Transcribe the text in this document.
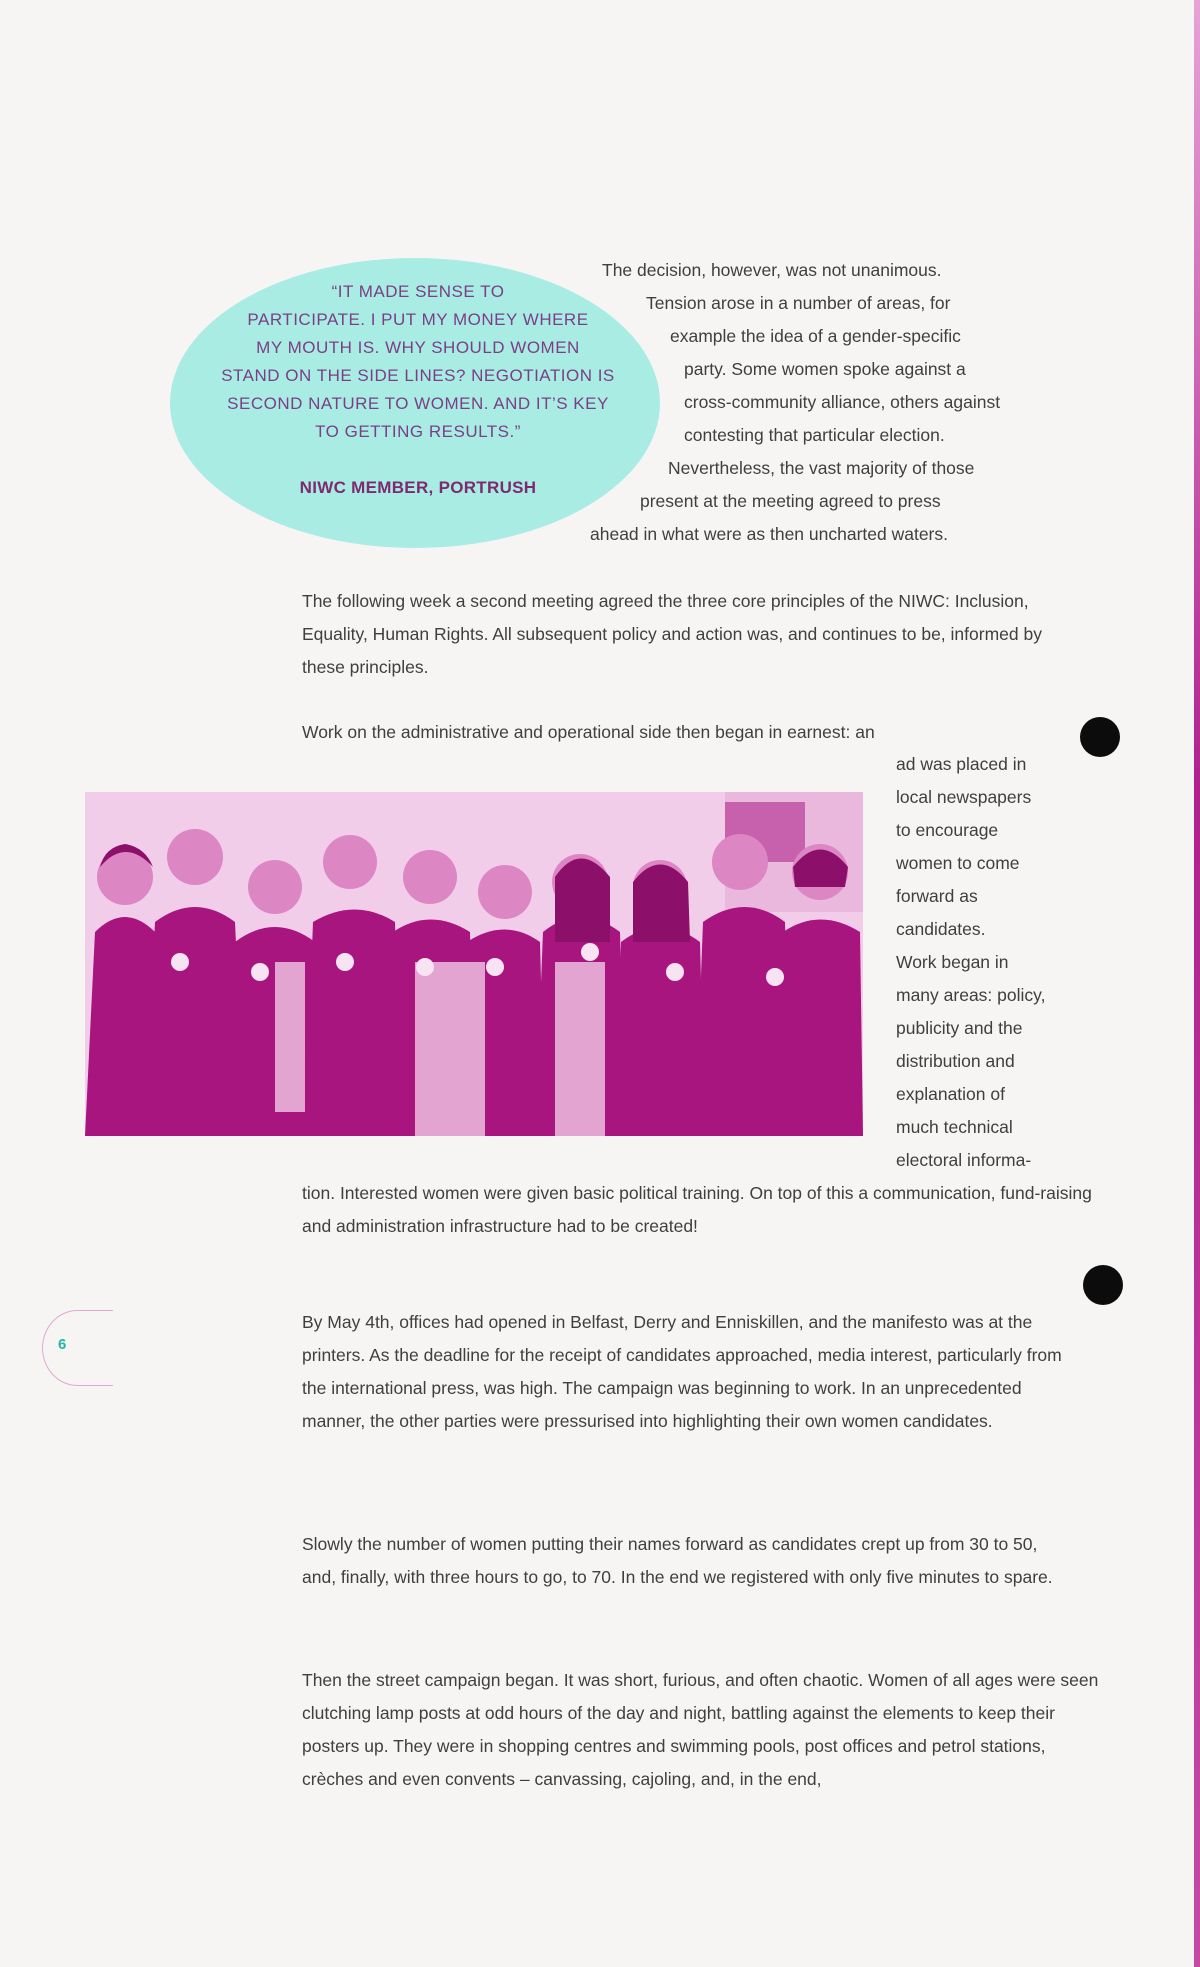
“IT MADE SENSE TO
PARTICIPATE. I PUT MY MONEY WHERE
MY MOUTH IS. WHY SHOULD WOMEN
STAND ON THE SIDE LINES? NEGOTIATION IS
SECOND NATURE TO WOMEN. AND IT’S KEY
TO GETTING RESULTS.”

NIWC MEMBER, PORTRUSH

The decision, however, was not unanimous.

Tension arose in a number of areas, for

example the idea of a gender-specific

party. Some women spoke against a

cross-community alliance, others against

contesting that particular election.

Nevertheless, the vast majority of those

present at the meeting agreed to press

ahead in what were as then uncharted waters.

The following week a second meeting agreed the three core principles of the NIWC: Inclusion, Equality, Human Rights. All subsequent policy and action was, and continues to be, informed by these principles.

Work on the administrative and operational side then began in earnest: an

ad was placed in

local newspapers

to encourage

women to come

forward as

candidates.

Work began in

many areas: policy,

publicity and the

distribution and

explanation of

much technical

electoral informa-

tion. Interested women were given basic political training. On top of this a communication, fund-raising and administration infrastructure had to be created!

By May 4th, offices had opened in Belfast, Derry and Enniskillen, and the manifesto was at the printers. As the deadline for the receipt of candidates approached, media interest, particularly from the international press, was high. The campaign was beginning to work. In an unprecedented manner, the other parties were pressurised into highlighting their own women candidates.

Slowly the number of women putting their names forward as candidates crept up from 30 to 50, and, finally, with three hours to go, to 70. In the end we registered with only five minutes to spare.

Then the street campaign began. It was short, furious, and often chaotic. Women of all ages were seen clutching lamp posts at odd hours of the day and night, battling against the elements to keep their posters up. They were in shopping centres and swimming pools, post offices and petrol stations, crèches and even convents – canvassing, cajoling, and, in the end,

6
